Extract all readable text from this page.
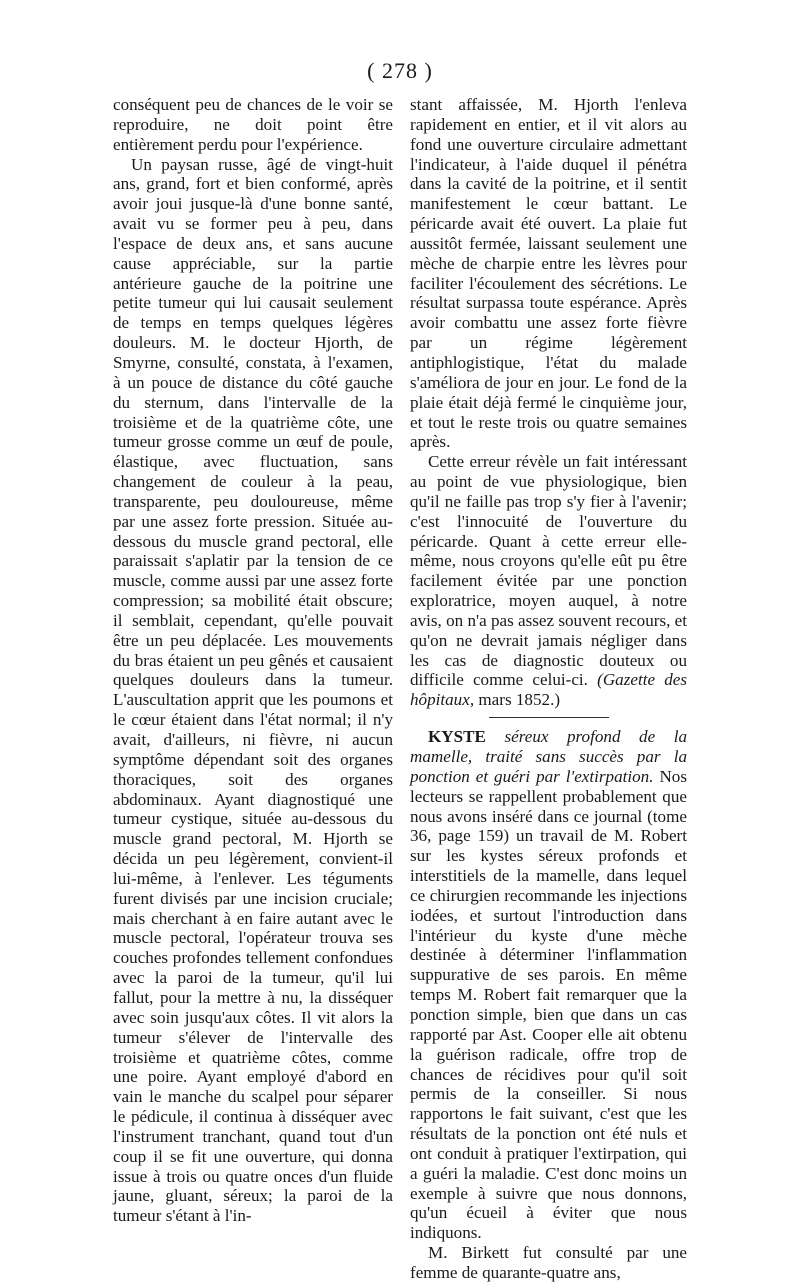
( 278 )

conséquent peu de chances de le voir se reproduire, ne doit point être entièrement perdu pour l'expérience.

Un paysan russe, âgé de vingt-huit ans, grand, fort et bien conformé, après avoir joui jusque-là d'une bonne santé, avait vu se former peu à peu, dans l'espace de deux ans, et sans aucune cause appréciable, sur la partie antérieure gauche de la poitrine une petite tumeur qui lui causait seulement de temps en temps quelques légères douleurs. M. le docteur Hjorth, de Smyrne, consulté, constata, à l'examen, à un pouce de distance du côté gauche du sternum, dans l'intervalle de la troisième et de la quatrième côte, une tumeur grosse comme un œuf de poule, élastique, avec fluctuation, sans changement de couleur à la peau, transparente, peu douloureuse, même par une assez forte pression. Située au-dessous du muscle grand pectoral, elle paraissait s'aplatir par la tension de ce muscle, comme aussi par une assez forte compression; sa mobilité était obscure; il semblait, cependant, qu'elle pouvait être un peu déplacée. Les mouvements du bras étaient un peu gênés et causaient quelques douleurs dans la tumeur. L'auscultation apprit que les poumons et le cœur étaient dans l'état normal; il n'y avait, d'ailleurs, ni fièvre, ni aucun symptôme dépendant soit des organes thoraciques, soit des organes abdominaux. Ayant diagnostiqué une tumeur cystique, située au-dessous du muscle grand pectoral, M. Hjorth se décida un peu légèrement, convient-il lui-même, à l'enlever. Les téguments furent divisés par une incision cruciale; mais cherchant à en faire autant avec le muscle pectoral, l'opérateur trouva ses couches profondes tellement confondues avec la paroi de la tumeur, qu'il lui fallut, pour la mettre à nu, la disséquer avec soin jusqu'aux côtes. Il vit alors la tumeur s'élever de l'intervalle des troisième et quatrième côtes, comme une poire. Ayant employé d'abord en vain le manche du scalpel pour séparer le pédicule, il continua à disséquer avec l'instrument tranchant, quand tout d'un coup il se fit une ouverture, qui donna issue à trois ou quatre onces d'un fluide jaune, gluant, séreux; la paroi de la tumeur s'étant à l'in-

stant affaissée, M. Hjorth l'enleva rapidement en entier, et il vit alors au fond une ouverture circulaire admettant l'indicateur, à l'aide duquel il pénétra dans la cavité de la poitrine, et il sentit manifestement le cœur battant. Le péricarde avait été ouvert. La plaie fut aussitôt fermée, laissant seulement une mèche de charpie entre les lèvres pour faciliter l'écoulement des sécrétions. Le résultat surpassa toute espérance. Après avoir combattu une assez forte fièvre par un régime légèrement antiphlogistique, l'état du malade s'améliora de jour en jour. Le fond de la plaie était déjà fermé le cinquième jour, et tout le reste trois ou quatre semaines après.

Cette erreur révèle un fait intéressant au point de vue physiologique, bien qu'il ne faille pas trop s'y fier à l'avenir; c'est l'innocuité de l'ouverture du péricarde. Quant à cette erreur elle-même, nous croyons qu'elle eût pu être facilement évitée par une ponction exploratrice, moyen auquel, à notre avis, on n'a pas assez souvent recours, et qu'on ne devrait jamais négliger dans les cas de diagnostic douteux ou difficile comme celui-ci. (Gazette des hôpitaux, mars 1852.)

KYSTE séreux profond de la mamelle, traité sans succès par la ponction et guéri par l'extirpation. Nos lecteurs se rappellent probablement que nous avons inséré dans ce journal (tome 36, page 159) un travail de M. Robert sur les kystes séreux profonds et interstitiels de la mamelle, dans lequel ce chirurgien recommande les injections iodées, et surtout l'introduction dans l'intérieur du kyste d'une mèche destinée à déterminer l'inflammation suppurative de ses parois. En même temps M. Robert fait remarquer que la ponction simple, bien que dans un cas rapporté par Ast. Cooper elle ait obtenu la guérison radicale, offre trop de chances de récidives pour qu'il soit permis de la conseiller. Si nous rapportons le fait suivant, c'est que les résultats de la ponction ont été nuls et ont conduit à pratiquer l'extirpation, qui a guéri la maladie. C'est donc moins un exemple à suivre que nous donnons, qu'un écueil à éviter que nous indiquons.

M. Birkett fut consulté par une femme de quarante-quatre ans,
